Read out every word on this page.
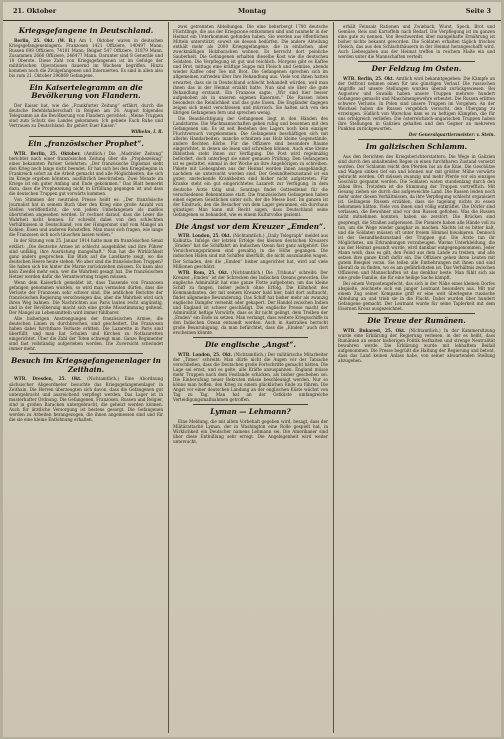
21. Oktober	Montag	Seite 3
Kriegsgefangene in Deutschland.

Berlin, 25. Okt. (W. B.) Am 1. Oktober waren in deutschen Kriegsgefangenenlagern: Franzosen 1421 Offiziere, 140497 Mann; Russen 698 Offiziere, 74101 Mann; Belgier 547 Offiziere, 31879 Mann. Zusammen 2666 Offiziere, 246477 Mann. Darunter sind 8 Generäle und 18 Oberste. Diese Zahl von Kriegsgefangenen ist im Gefolge der militärischen Operationen dauernd im Wachsen begriffen. Hinzu kommen noch die Zivilgefangenen und Internierten. Es sind in allen also bis zum 21. Oktober 296869 Gefangene.

Ein Kaisertelegramm an die Bevölkerung von Flandern.

Der Kaiser hat, wie die „Frankfurter Zeitung“ erfährt, durch die deutsche Befehlshaberschaft in Belgien am 24. August folgendes Telegramm an die Bevölkerung von Flandern gerichtet: „Meine Truppen sind zum Schutz des Landes gekommen. Ich gebiete Euch Ruhe und Vertrauen zu Deutschland. Ihr gehört Euer Kaiser.“

Wilhelm, I. R.
Ein „französischer Prophet“.

WTB. Berlin, 25. Oktober. (Amtlich.) Die „Madrider Zeitung“ berichtet nach einer französischen Zeitung über die „Prophezeiung“ eines bekannten Pariser Gelehrten: „Der französische Diplomat sieht den Krieg noch lange nicht beendet. Er hat sich bei den Kriegsbeginn in Frankreich sofort an die Arbeit gemacht und alle Möglichkeiten, die sich im Kriege ergeben könnten, ausführlich beschrieben. Zwei Monate im Kriege ist ein guter Anfang und Ende gekommen.“ Das Blatt bemerkt dazu, dass die Prophezeiung nicht in Erfüllung gegangen ist und dass die deutschen Truppen gut vorwärts kommen.

Von Stimmen der neutralen Presse heißt es: „Der französische Journalist hat in seinem Buch über den Krieg eine große Anzahl von Stellen veröffentlicht, die von jedem Unbefangenen als maßlos übertrieben angesehen werden. Er rechnet darauf, dass die Leser die Wahrheit nicht kennen. Er schreibt dabei von den schlechten Verhältnissen in Deutschland, von der Hungersnot und vom Mangel an Kohlen, Eisen und anderen Rohstoffen. Man muss sich fragen, wie lange die Franzosen sich noch täuschen lassen wollen.“

In der Sitzung vom 25. Januar 1914 hatte man im französischen Senat erklärt: „Die deutsche Armee ist schlecht ausgebildet und ihre Führer sind unfähig, ihre Ausrüstung mangelhaft.“ Nun hat die Wirklichkeit ganz anders gesprochen. Ein Blick auf die Landkarte zeigt, wo die deutschen Heere heute stehen. Wo aber sind die französischen Truppen? Sie haben sich bis hinter die Marne zurückziehen müssen. Es kann also kein Zweifel mehr sein, wer die Wahrheit gesagt hat. Die französischen Hetzer werden dafür die Verantwortung tragen müssen.

Wenn dem Kaiserlich gemeldet ist, dass Tausende von Franzosen gefangen genommen wurden, so wird man vermuten dürfen, dass die Verluste der Franzosen sehr schwer sind. Die amtlichen Berichte der französischen Regierung verschweigen das, aber die Wahrheit wird sich ihren Weg bahnen. Die Nachrichten aus Paris lauten recht ungünstig, und in der Bevölkerung macht sich eine große Missstimmung geltend. Der Mangel an Lebensmitteln wird immer fühlbarer.

Alle bisherigen Anstrengungen der französischen Armee, die deutschen Linien zu durchbrechen, sind gescheitert. Die Franzosen haben dabei furchtbare Verluste erlitten. Die Lazarette in Paris sind überfüllt, und man hat Schulen und Kirchen zu Notlazaretten eingerichtet. Über die Zahl der Toten schweigt man. Ganze Regimenter sind fast vollständig aufgerieben worden. Die Zuversicht schwindet immer mehr.

Besuch im Kriegsgefangenenlager in Zeithain.

WTB. Dresden, 25. Okt. (Nichtamtlich.) Eine Abordnung sächsischer Abgeordneter besuchte das Kriegsgefangenenlager in Zeithain. Die Herren überzeugten sich davon, dass die Gefangenen gut untergebracht und ausreichend verpflegt werden. Das Lager ist in musterhafter Ordnung. Die Gefangenen, Franzosen, Russen und Belgier, sind in großen Baracken untergebracht, die geheizt werden können. Auch für ärztliche Versorgung ist bestens gesorgt. Die Gefangenen werden zu Arbeiten herangezogen, die ihnen angemessen sind und für die sie eine kleine Entlohnung erhalten.

zwei getrennten Abteilungen. Die eine beherbergt 1700 deutsche Flüchtlinge, die aus der Kriegszone entkommen sind und nunmehr in der Heimat ein Unterkommen gefunden haben. Sie werden aus öffentlichen Mitteln unterstützt, soweit sie dessen bedürfen. Die andere Abteilung enthält mehr als 2000 Kriegsgefangene, die in einfachen, aber zweckmäßigen Holzbaracken wohnen. Es herrscht dort peinliche Sauberkeit. Die Gefangenen erhalten dieselbe Kost wie die deutschen Soldaten. Die Verpflegung ist gut und reichlich. Morgens gibt es Kaffee und Brot, mittags eine kräftige Suppe mit Fleisch und Gemüse, abends wieder Kaffee oder Tee mit Brot. Die Gefangenen sprechen sich im allgemeinen zufrieden über ihre Behandlung aus. Viele von ihnen hatten erwartet, dass sie in Deutschland schlecht behandelt würden, weil man ihnen das in der Heimat erzählt hatte. Nun sind sie über die gute Behandlung erstaunt. Ein Franzose sagte: „Wir sind hier besser aufgehoben als in unseren eigenen Kasernen.“ Die Russen loben besonders die Reinlichkeit und das gute Essen. Die Engländer dagegen zeigen sich meist verschlossen und mürrisch. Sie halten sich von den übrigen Gefangenen fern und sprechen wenig.

Die Beaufsichtigung der Gefangenen liegt in den Händen des Landsturms. Die Wachmannschaften gehen ruhig und besonnen mit den Gefangenen um. Es ist seit Bestehen des Lagers noch kein einziger Fluchtversuch vorgekommen. Die Gefangenen beschäftigen sich mit allerlei Handarbeiten; manche schnitzen aus Holz kleine Gegenstände, andere flechten Körbe. Für die Offiziere sind besondere Räume eingerichtet, in denen sie lesen und schreiben können. Auch eine kleine Bibliothek steht ihnen zur Verfügung. Die Post wird regelmäßig befördert, doch unterliegt sie einer genauen Prüfung. Den Gefangenen ist es gestattet, einmal in der Woche an ihre Angehörigen zu schreiben. Pakete mit Liebesgaben aus der Heimat werden ihnen ausgehändigt, nachdem sie untersucht worden sind. Der Gesundheitszustand ist ein guter; ansteckende Krankheiten sind bisher nicht aufgetreten. Für Kranke steht ein gut eingerichtetes Lazarett zur Verfügung, in dem deutsche Ärzte tätig sind. Sonntags findet Gottesdienst für die verschiedenen Bekenntnisse statt. Die französischen Gefangenen haben einen eigenen Geistlichen unter sich, der die Messe liest. Im ganzen ist der Eindruck, den die Besucher von dem Lager gewannen, ein durchaus günstiger. Man kann mit Recht sagen, dass Deutschland seine Gefangenen so behandelt, wie es einem Kulturvolke geziemt.

Die Angst vor dem Kreuzer „Emden“.

WTB. London, 25. Okt. (Nichtamtlich.) „Daily Telegraph“ meldet aus Kalkutta: Infolge der letzten Erfolge des kleinen deutschen Kreuzers „Emden“ hat die Schiffahrt im Indischen Ozean fast ganz aufgehört. Die Versicherungsprämien sind gewaltig in die Höhe gegangen. Die indischen Häfen sind mit Schiffen überfüllt, die nicht auszulaufen wagen. Der Schaden, den die „Emden“ bisher angerichtet hat, wird auf viele Millionen geschätzt.

WTB. Rom, 25. Okt. (Nichtamtlich.) Die „Tribuna“ schreibt: Der Kreuzer „Emden“ ist der Schrecken des Indischen Ozeans geworden. Die englische Admiralität hat eine ganze Flotte aufgeboten, um das kleine Schiff zu fangen, bisher jedoch ohne Erfolg. Die Kühnheit des Kommandanten, der mit seinem Kreuzer bald hier, bald dort auftaucht, findet allgemeine Bewunderung. Das Schiff hat bisher mehr als zwanzig englische Dampfer versenkt oder gekapert. Der Handel zwischen Indien und England ist schwer geschädigt. Die englische Presse macht der Admiralität heftige Vorwürfe, dass es ihr nicht gelingt, dem Treiben der „Emden“ ein Ende zu setzen. Man verlangt, dass weitere Kriegsschiffe in den Indischen Ozean entsandt werden. Auch in Australien herrscht große Beunruhigung, da man befürchtet, dass die „Emden“ auch dort erscheinen könnte.

Die englische „Angst“.

WTB. London, 25. Okt. (Nichtamtlich.) Der militärische Mitarbeiter der „Times“ schreibt: Man dürfe nicht die Augen vor der Tatsache verschließen, dass die Deutschen große Fortschritte gemacht hätten. Die Lage sei ernst, und es gelte, alle Kräfte anzuspannen. England müsse mehr Truppen nach dem Festlande schicken, als bisher geschehen sei. Die Einberufung neuer Rekruten müsse beschleunigt werden. Nur so könne man hoffen, den Krieg zu einem glücklichen Ende zu führen. Die Angst vor einer deutschen Landung an der englischen Küste wächst von Tag zu Tag. Man hat an der Ostküste umfangreiche Verteidigungsmaßnahmen getroffen.

Lyman — Lehmann?

Eine Meldung, die mit allem Vorbehalt gegeben wird, besagt, dass der Militärattaché Lyman, der in Washington eine Rolle gespielt hat, in Wirklichkeit ein Deutscher namens Lehmann sei. Die Amerikaner sind über diese Enthüllung sehr erregt. Die Angelegenheit wird weiter untersucht.

erhält Feinsalz Rationen und Zwieback, Wurst, Speck, Brot und Gemüse, Reis und Kartoffeln nach Bedarf. Die Verpflegung ist im ganzen eine gute zu nennen. Von Beschwerden über mangelhafte Ernährung ist bisher nichts bekannt geworden. Die Soldaten erhalten täglich frisches Fleisch, das aus den Schlachthäusern in der Heimat herangeschafft wird. Auch Liebesgaben aus der Heimat treffen in reichem Maße ein und werden unter die Mannschaften verteilt.

Der Feldzug im Osten.

WTB. Berlin, 25. Okt. Amtlich wird bekanntgegeben: Die Kämpfe an der Ostfront nehmen einen für uns günstigen Verlauf. Die russischen Angriffe auf unsere Stellungen wurden überall zurückgewiesen. Bei Augustow und Suwalki haben unsere Truppen mehrere hundert Gefangene gemacht und Maschinengewehre erbeutet. Die Russen erlitten schwere Verluste. In Polen sind unsere Truppen im Vorgehen. An der Weichsel haben die Russen vergeblich versucht, den Übergang zu erzwingen. Südlich von Warschau kam es zu heftigen Kämpfen, die für uns erfolgreich verliefen. Die österreichisch-ungarischen Truppen haben ihre Stellungen in Galizien gehalten und den Gegner an mehreren Punkten zurückgeworfen.

Der Generalquartiermeister: v. Stein.
Im galizischen Schlamm.

Aus den Berichten des Kriegsberichterstatters: Die Wege in Galizien sind durch den anhaltenden Regen in einen furchtbaren Zustand versetzt worden. Der Schlamm reicht den Pferden bis an die Knie. Die Geschütze und Wagen sinken tief ein und können nur mit größter Mühe vorwärts gebracht werden. Oft müssen zwanzig und mehr Pferde vor ein einziges Geschütz gespannt werden. Die Soldaten waten stundenlang durch den zähen Brei. Trotzdem ist die Stimmung der Truppen vortrefflich. Mit Gesang ziehen sie durch das aufgeweichte Land. Die Russen leiden noch mehr unter diesen Verhältnissen, da ihre Verpflegung schlecht organisiert ist. Gefangene Russen erzählen, dass sie tagelang nichts zu essen bekommen hätten. Viele von ihnen sind völlig entkräftet. Die Dörfer sind verlassen, die Bewohner sind vor den Russen geflohen. Was die Russen nicht mitnehmen konnten, haben sie zerstört. Die Brücken sind gesprengt, die Straßen aufgerissen. Die Pioniere haben alle Hände voll zu tun, um die Wege wieder gangbar zu machen. Nachts ist es bitter kalt, und die Soldaten müssen oft unter freiem Himmel biwakieren. Dennoch ist der Gesundheitszustand der Truppen gut. Die Ärzte tun ihr Möglichstes, um Erkrankungen vorzubeugen. Warme Unterkleidung, die aus der Heimat gesandt wurde, wird dankbar entgegengenommen. Jeder Mann weiß, dass es gilt, den Feind aus dem Lande zu treiben, und alle setzen ihre ganze Kraft dafür ein. Die Offiziere gehen ihren Leuten mit gutem Beispiel voran. Sie teilen alle Entbehrungen mit ihnen und sind überall da zu finden, wo es am gefährlichsten ist. Das Verhältnis zwischen Offizieren und Mannschaften ist das denkbar beste. Man fühlt sich als eine große Familie, die für eine heilige Sache kämpft.

Bei einem Vorpostengefecht, das sich in der Nähe eines kleinen Dorfes abspielte, zeichnete sich ein junger Leutnant besonders aus. Mit nur einem Zug seiner Kompanie griff er eine weit überlegene russische Abteilung an und trieb sie in die Flucht. Dabei wurden über hundert Gefangene gemacht. Der Leutnant wurde für seine Tapferkeit mit dem Eisernen Kreuz ausgezeichnet.

Die Treue der Rumänen.

WTB. Bukarest, 25. Okt. (Nichtamtlich.) In der Kammersitzung wurde eine Erklärung der Regierung verlesen, in der es heißt, dass Rumänien an seiner bisherigen Politik festhalten und strenge Neutralität bewahren werde. Die Erklärung wurde mit lebhaftem Beifall aufgenommen. Die Presse begrüßt die Haltung der Regierung und betont, dass das Land keinen Anlass habe, von seiner abwartenden Stellung abzugehen.
